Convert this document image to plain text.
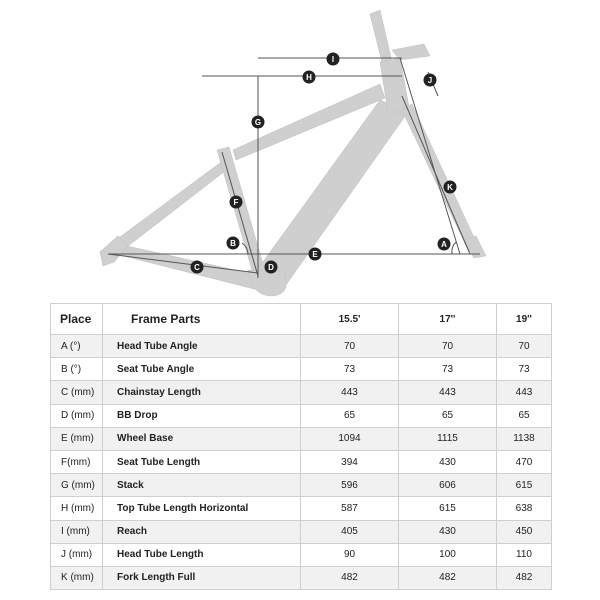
A
B
C	D
E
F
G
H
I
J
K
Place	Frame Parts	15.5'	17''	19''
A (°)	Head Tube Angle	70	70	70
B (°)	Seat Tube Angle	73	73	73
C (mm)	Chainstay Length	443	443	443
D (mm)	BB Drop	65	65	65
E (mm)	Wheel Base	1094	1115	1138
F(mm)	Seat Tube Length	394	430	470
G (mm)	Stack	596	606	615
H (mm)	Top Tube Length Horizontal	587	615	638
I (mm)	Reach	405	430	450
J (mm)	Head Tube Length	90	100	110
K (mm)	Fork Length Full	482	482	482
